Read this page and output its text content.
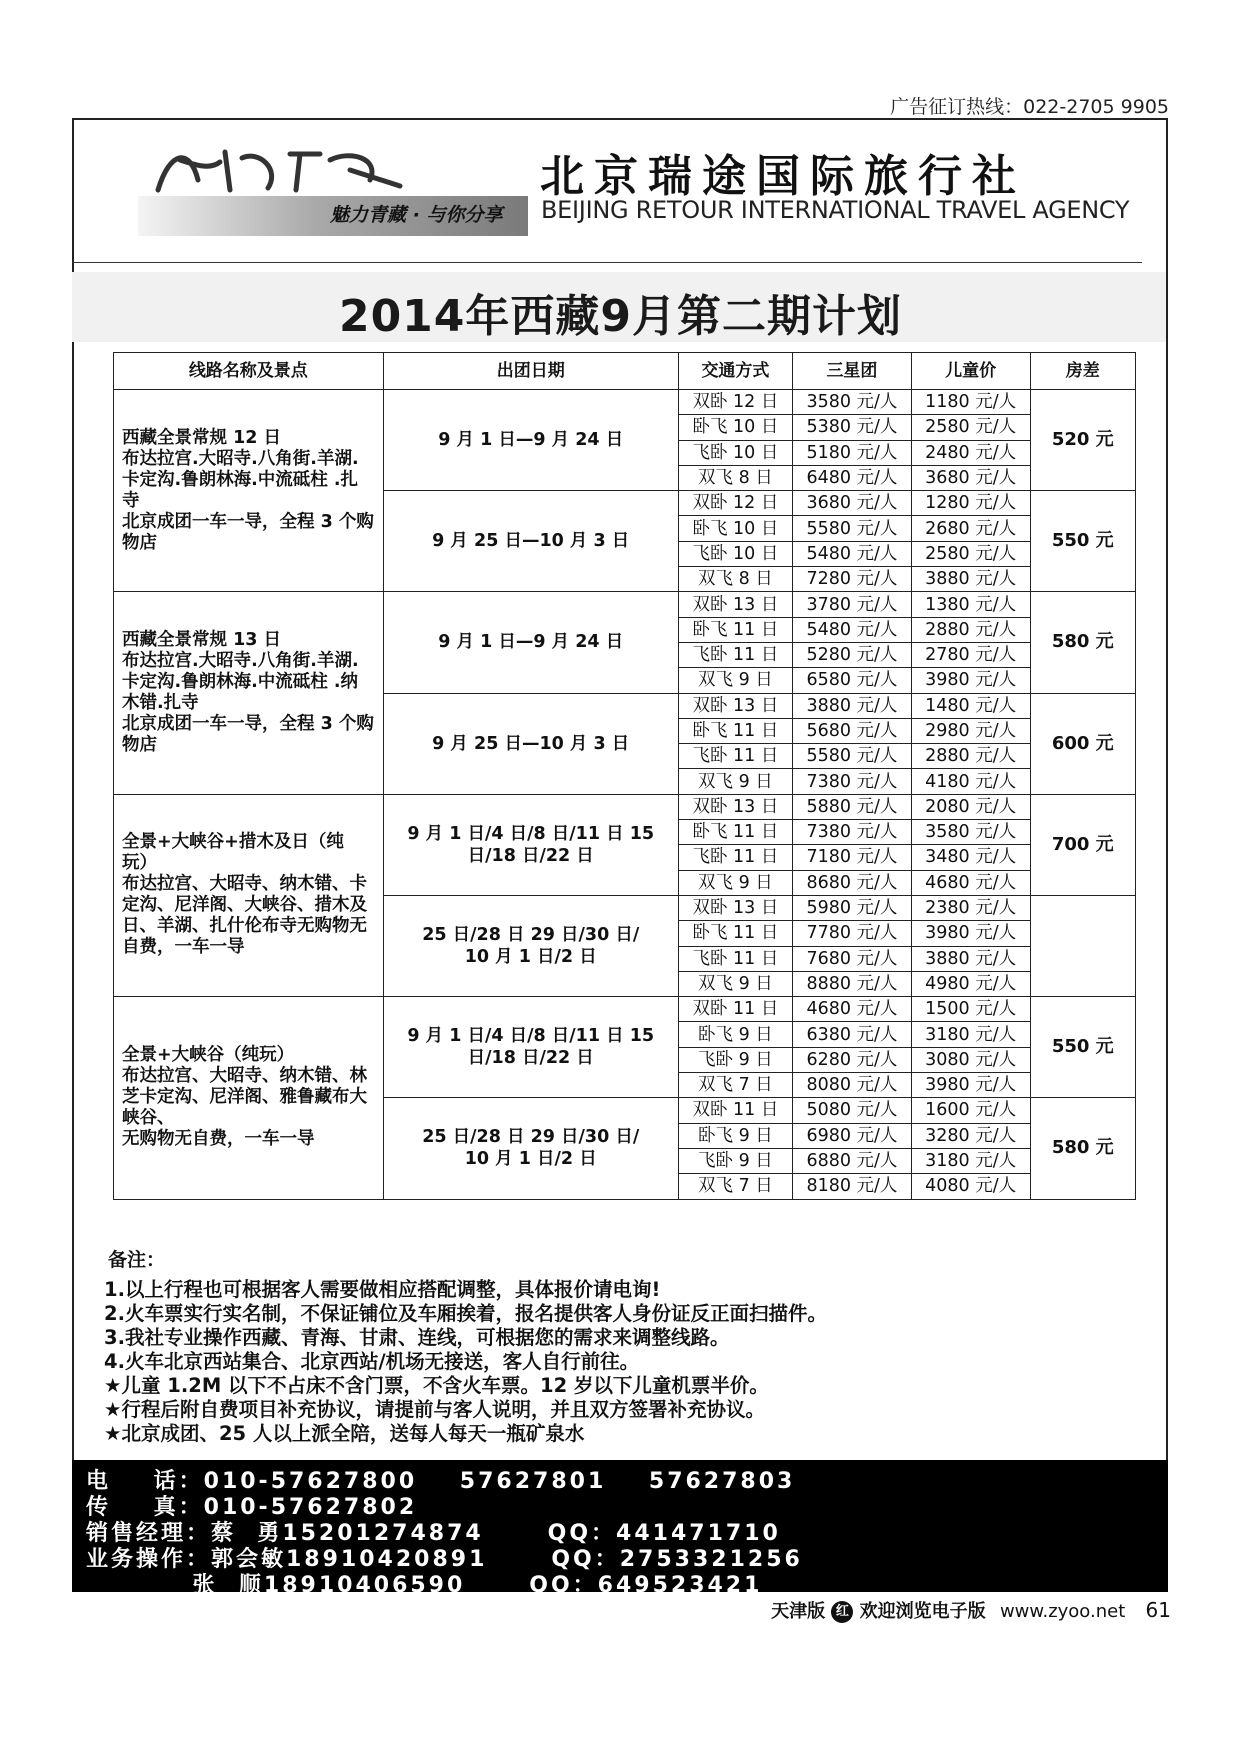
广告征订热线：022-2705 9905
魅力青藏 · 与你分享
北京瑞途国际旅行社
BEIJING RETOUR INTERNATIONAL TRAVEL AGENCY
2014年西藏9月第二期计划
线路名称及景点	出团日期	交通方式	三星团	儿童价	房差
西藏全景常规 12 日
布达拉宫.大昭寺.八角街.羊湖.卡定沟.鲁朗林海.中流砥柱 .扎寺
北京成团一车一导，全程 3 个购物店	9 月 1 日—9 月 24 日	双卧 12 日	3580 元/人	1180 元/人	520 元
		卧飞 10 日	5380 元/人	2580 元/人	
		飞卧 10 日	5180 元/人	2480 元/人	
		双飞 8 日	6480 元/人	3680 元/人	
	9 月 25 日—10 月 3 日	双卧 12 日	3680 元/人	1280 元/人	550 元
		卧飞 10 日	5580 元/人	2680 元/人	
		飞卧 10 日	5480 元/人	2580 元/人	
		双飞 8 日	7280 元/人	3880 元/人	
西藏全景常规 13 日
布达拉宫.大昭寺.八角街.羊湖.卡定沟.鲁朗林海.中流砥柱 .纳木错.扎寺
北京成团一车一导，全程 3 个购物店	9 月 1 日—9 月 24 日	双卧 13 日	3780 元/人	1380 元/人	580 元
		卧飞 11 日	5480 元/人	2880 元/人	
		飞卧 11 日	5280 元/人	2780 元/人	
		双飞 9 日	6580 元/人	3980 元/人	
	9 月 25 日—10 月 3 日	双卧 13 日	3880 元/人	1480 元/人	600 元
		卧飞 11 日	5680 元/人	2980 元/人	
		飞卧 11 日	5580 元/人	2880 元/人	
		双飞 9 日	7380 元/人	4180 元/人	
全景+大峡谷+措木及日（纯玩）
布达拉宫、大昭寺、纳木错、卡定沟、尼洋阁、大峡谷、措木及日、羊湖、扎什伦布寺无购物无自费，一车一导	9 月 1 日/4 日/8 日/11 日 15 日/18 日/22 日	双卧 13 日	5880 元/人	2080 元/人	700 元
		卧飞 11 日	7380 元/人	3580 元/人	
		飞卧 11 日	7180 元/人	3480 元/人	
		双飞 9 日	8680 元/人	4680 元/人	
	25 日/28 日 29 日/30 日/
10 月 1 日/2 日	双卧 13 日	5980 元/人	2380 元/人	
		卧飞 11 日	7780 元/人	3980 元/人	
		飞卧 11 日	7680 元/人	3880 元/人	
		双飞 9 日	8880 元/人	4980 元/人	
全景+大峡谷（纯玩）
布达拉宫、大昭寺、纳木错、林芝卡定沟、尼洋阁、雅鲁藏布大峡谷、
无购物无自费，一车一导	9 月 1 日/4 日/8 日/11 日 15 日/18 日/22 日	双卧 11 日	4680 元/人	1500 元/人	550 元
		卧飞 9 日	6380 元/人	3180 元/人	
		飞卧 9 日	6280 元/人	3080 元/人	
		双飞 7 日	8080 元/人	3980 元/人	
	25 日/28 日 29 日/30 日/
10 月 1 日/2 日	双卧 11 日	5080 元/人	1600 元/人	580 元
		卧飞 9 日	6980 元/人	3280 元/人	
		飞卧 9 日	6880 元/人	3180 元/人	
		双飞 7 日	8180 元/人	4080 元/人	
备注：
1.以上行程也可根据客人需要做相应搭配调整，具体报价请电询!
2.火车票实行实名制，不保证铺位及车厢挨着，报名提供客人身份证反正面扫描件。
3.我社专业操作西藏、青海、甘肃、连线，可根据您的需求来调整线路。
4.火车北京西站集合、北京西站/机场无接送，客人自行前往。
★儿童 1.2M 以下不占床不含门票，不含火车票。12 岁以下儿童机票半价。
★行程后附自费项目补充协议，请提前与客人说明，并且双方签署补充协议。
★北京成团、25 人以上派全陪，送每人每天一瓶矿泉水
电    话：010-57627800    57627801    57627803
传    真：010-57627802
销售经理：蔡  勇15201274874      QQ：441471710
业务操作：郭会敏18910420891      QQ：2753321256
张  顺18910406590      QQ：649523421
天津版 红 欢迎浏览电子版 www.zyoo.net 61
